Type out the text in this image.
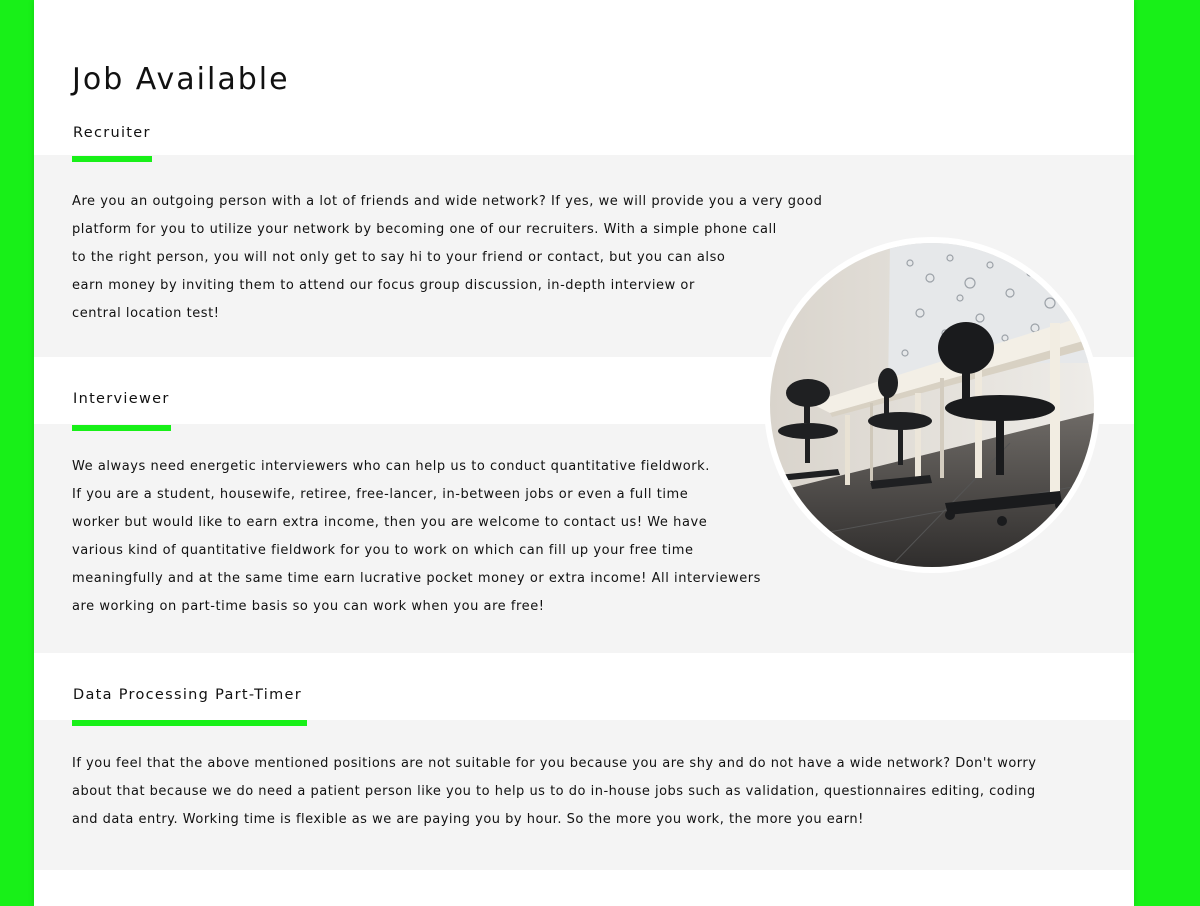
Job Available
Recruiter

Are you an outgoing person with a lot of friends and wide network? If yes, we will provide you a very good
platform for you to utilize your network by becoming one of our recruiters. With a simple phone call
to the right person, you will not only get to say hi to your friend or contact, but you can also
earn money by inviting them to attend our focus group discussion, in-depth interview or
central location test!

Interviewer

We always need energetic interviewers who can help us to conduct quantitative fieldwork.
If you are a student, housewife, retiree, free-lancer, in-between jobs or even a full time
worker but would like to earn extra income, then you are welcome to contact us! We have
various kind of quantitative fieldwork for you to work on which can fill up your free time
meaningfully and at the same time earn lucrative pocket money or extra income! All interviewers
are working on part-time basis so you can work when you are free!

Data Processing Part-Timer

If you feel that the above mentioned positions are not suitable for you because you are shy and do not have a wide network? Don't worry
about that because we do need a patient person like you to help us to do in-house jobs such as validation, questionnaires editing, coding
and data entry. Working time is flexible as we are paying you by hour. So the more you work, the more you earn!
